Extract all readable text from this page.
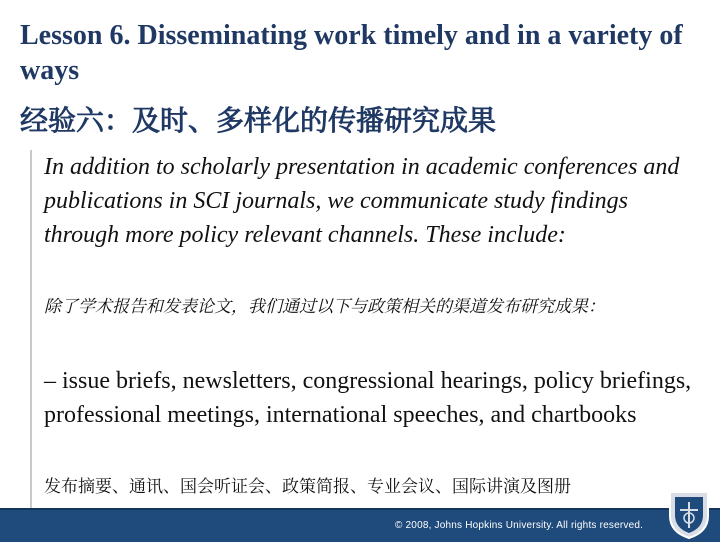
Lesson 6. Disseminating work timely and in a variety of ways
经验六：及时、多样化的传播研究成果
In addition to scholarly presentation in academic conferences and publications in SCI journals, we communicate study findings through more policy relevant channels. These include:
除了学术报告和发表论文，我们通过以下与政策相关的渠道发布研究成果：
– issue briefs, newsletters, congressional hearings, policy briefings, professional meetings, international speeches, and chartbooks
发布摘要、通讯、国会听证会、政策简报、专业会议、国际讲演及图册
© 2008, Johns Hopkins University. All rights reserved.
